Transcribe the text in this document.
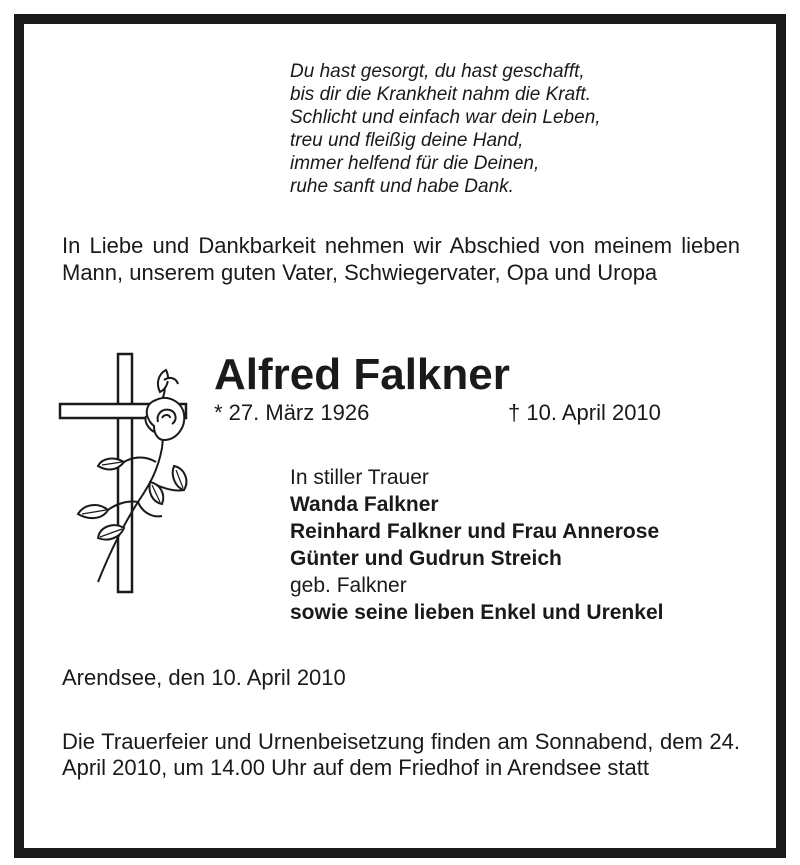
Du hast gesorgt, du hast geschafft,
bis dir die Krankheit nahm die Kraft.
Schlicht und einfach war dein Leben,
treu und fleißig deine Hand,
immer helfend für die Deinen,
ruhe sanft und habe Dank.
In Liebe und Dankbarkeit nehmen wir Abschied von meinem lieben Mann, unserem guten Vater, Schwiegervater, Opa und Uropa
Alfred Falkner
* 27. März 1926	† 10. April 2010
In stiller Trauer
Wanda Falkner
Reinhard Falkner und Frau Annerose
Günter und Gudrun Streich
geb. Falkner
sowie seine lieben Enkel und Urenkel
Arendsee, den 10. April 2010
Die Trauerfeier und Urnenbeisetzung finden am Sonnabend, dem 24. April 2010, um 14.00 Uhr auf dem Friedhof in Arendsee statt
